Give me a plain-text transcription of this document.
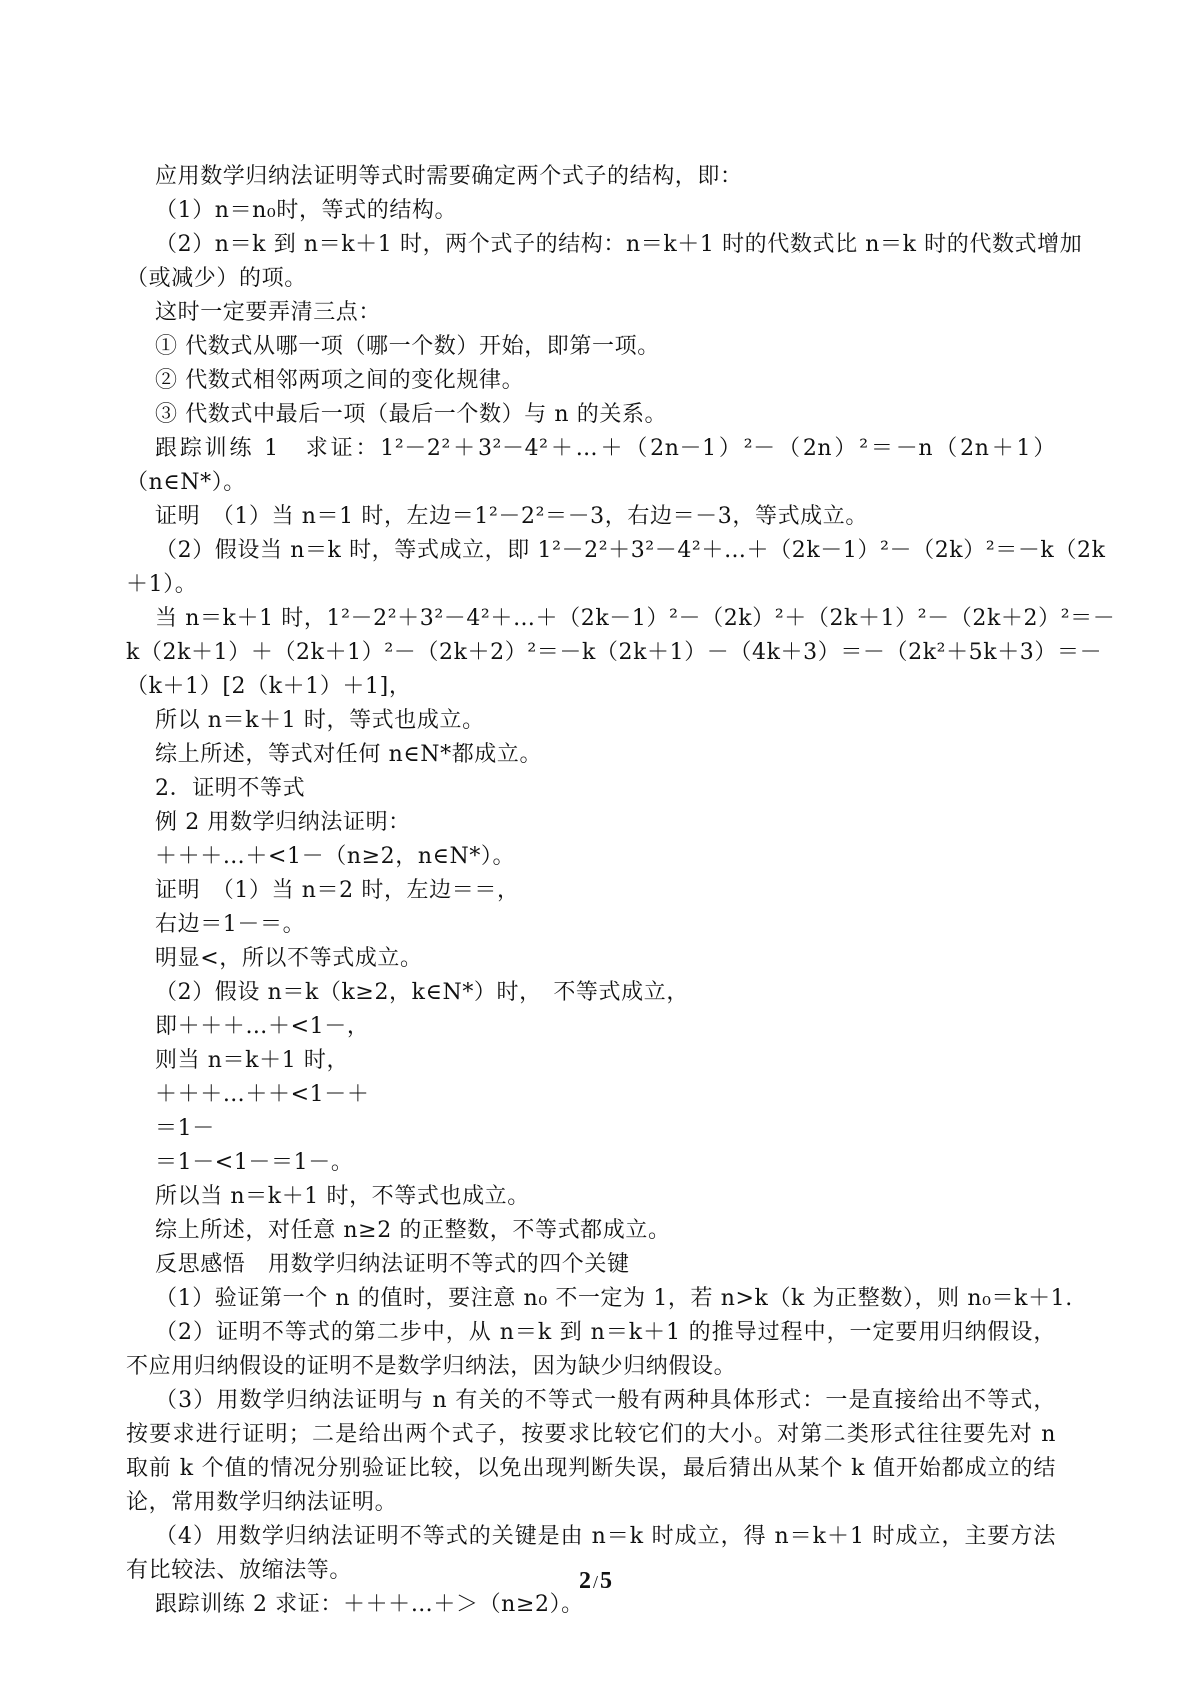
应用数学归纳法证明等式时需要确定两个式子的结构，即：
（1）n＝n₀时，等式的结构。
（2）n＝k 到 n＝k＋1 时，两个式子的结构：n＝k＋1 时的代数式比 n＝k 时的代数式增加
（或减少）的项。
这时一定要弄清三点：
① 代数式从哪一项（哪一个数）开始，即第一项。
② 代数式相邻两项之间的变化规律。
③ 代数式中最后一项（最后一个数）与 n 的关系。
跟踪训练 1　求证：1²－2²＋3²－4²＋…＋（2n－1）²－（2n）²＝－n（2n＋1）
（n∈N*）。
证明　（1）当 n＝1 时，左边＝1²－2²＝－3，右边＝－3，等式成立。
（2）假设当 n＝k 时，等式成立，即 1²－2²＋3²－4²＋…＋（2k－1）²－（2k）²＝－k（2k
＋1）。
当 n＝k＋1 时，1²－2²＋3²－4²＋…＋（2k－1）²－（2k）²＋（2k＋1）²－（2k＋2）²＝－
k（2k＋1）＋（2k＋1）²－（2k＋2）²＝－k（2k＋1）－（4k＋3）＝－（2k²＋5k＋3）＝－
（k＋1）[2（k＋1）＋1]，
所以 n＝k＋1 时，等式也成立。
综上所述，等式对任何 n∈N*都成立。
2．证明不等式
例 2 用数学归纳法证明：
＋＋＋…＋<1－（n≥2，n∈N*）。
证明　（1）当 n＝2 时，左边＝＝，
右边＝1－＝。
明显<，所以不等式成立。
（2）假设 n＝k（k≥2，k∈N*）时，　不等式成立，
即＋＋＋…＋<1－，
则当 n＝k＋1 时，
＋＋＋…＋＋<1－＋
＝1－
＝1－<1－＝1－。
所以当 n＝k＋1 时，不等式也成立。
综上所述，对任意 n≥2 的正整数，不等式都成立。
反思感悟　用数学归纳法证明不等式的四个关键
（1）验证第一个 n 的值时，要注意 n₀ 不一定为 1，若 n>k（k 为正整数），则 n₀＝k＋1.
（2）证明不等式的第二步中，从 n＝k 到 n＝k＋1 的推导过程中，一定要用归纳假设，
不应用归纳假设的证明不是数学归纳法，因为缺少归纳假设。
（3）用数学归纳法证明与 n 有关的不等式一般有两种具体形式：一是直接给出不等式，
按要求进行证明；二是给出两个式子，按要求比较它们的大小。对第二类形式往往要先对 n
取前 k 个值的情况分别验证比较，以免出现判断失误，最后猜出从某个 k 值开始都成立的结
论，常用数学归纳法证明。
（4）用数学归纳法证明不等式的关键是由 n＝k 时成立，得 n＝k＋1 时成立，主要方法
有比较法、放缩法等。
跟踪训练 2 求证：＋＋＋…＋＞（n≥2）。
2 /5
